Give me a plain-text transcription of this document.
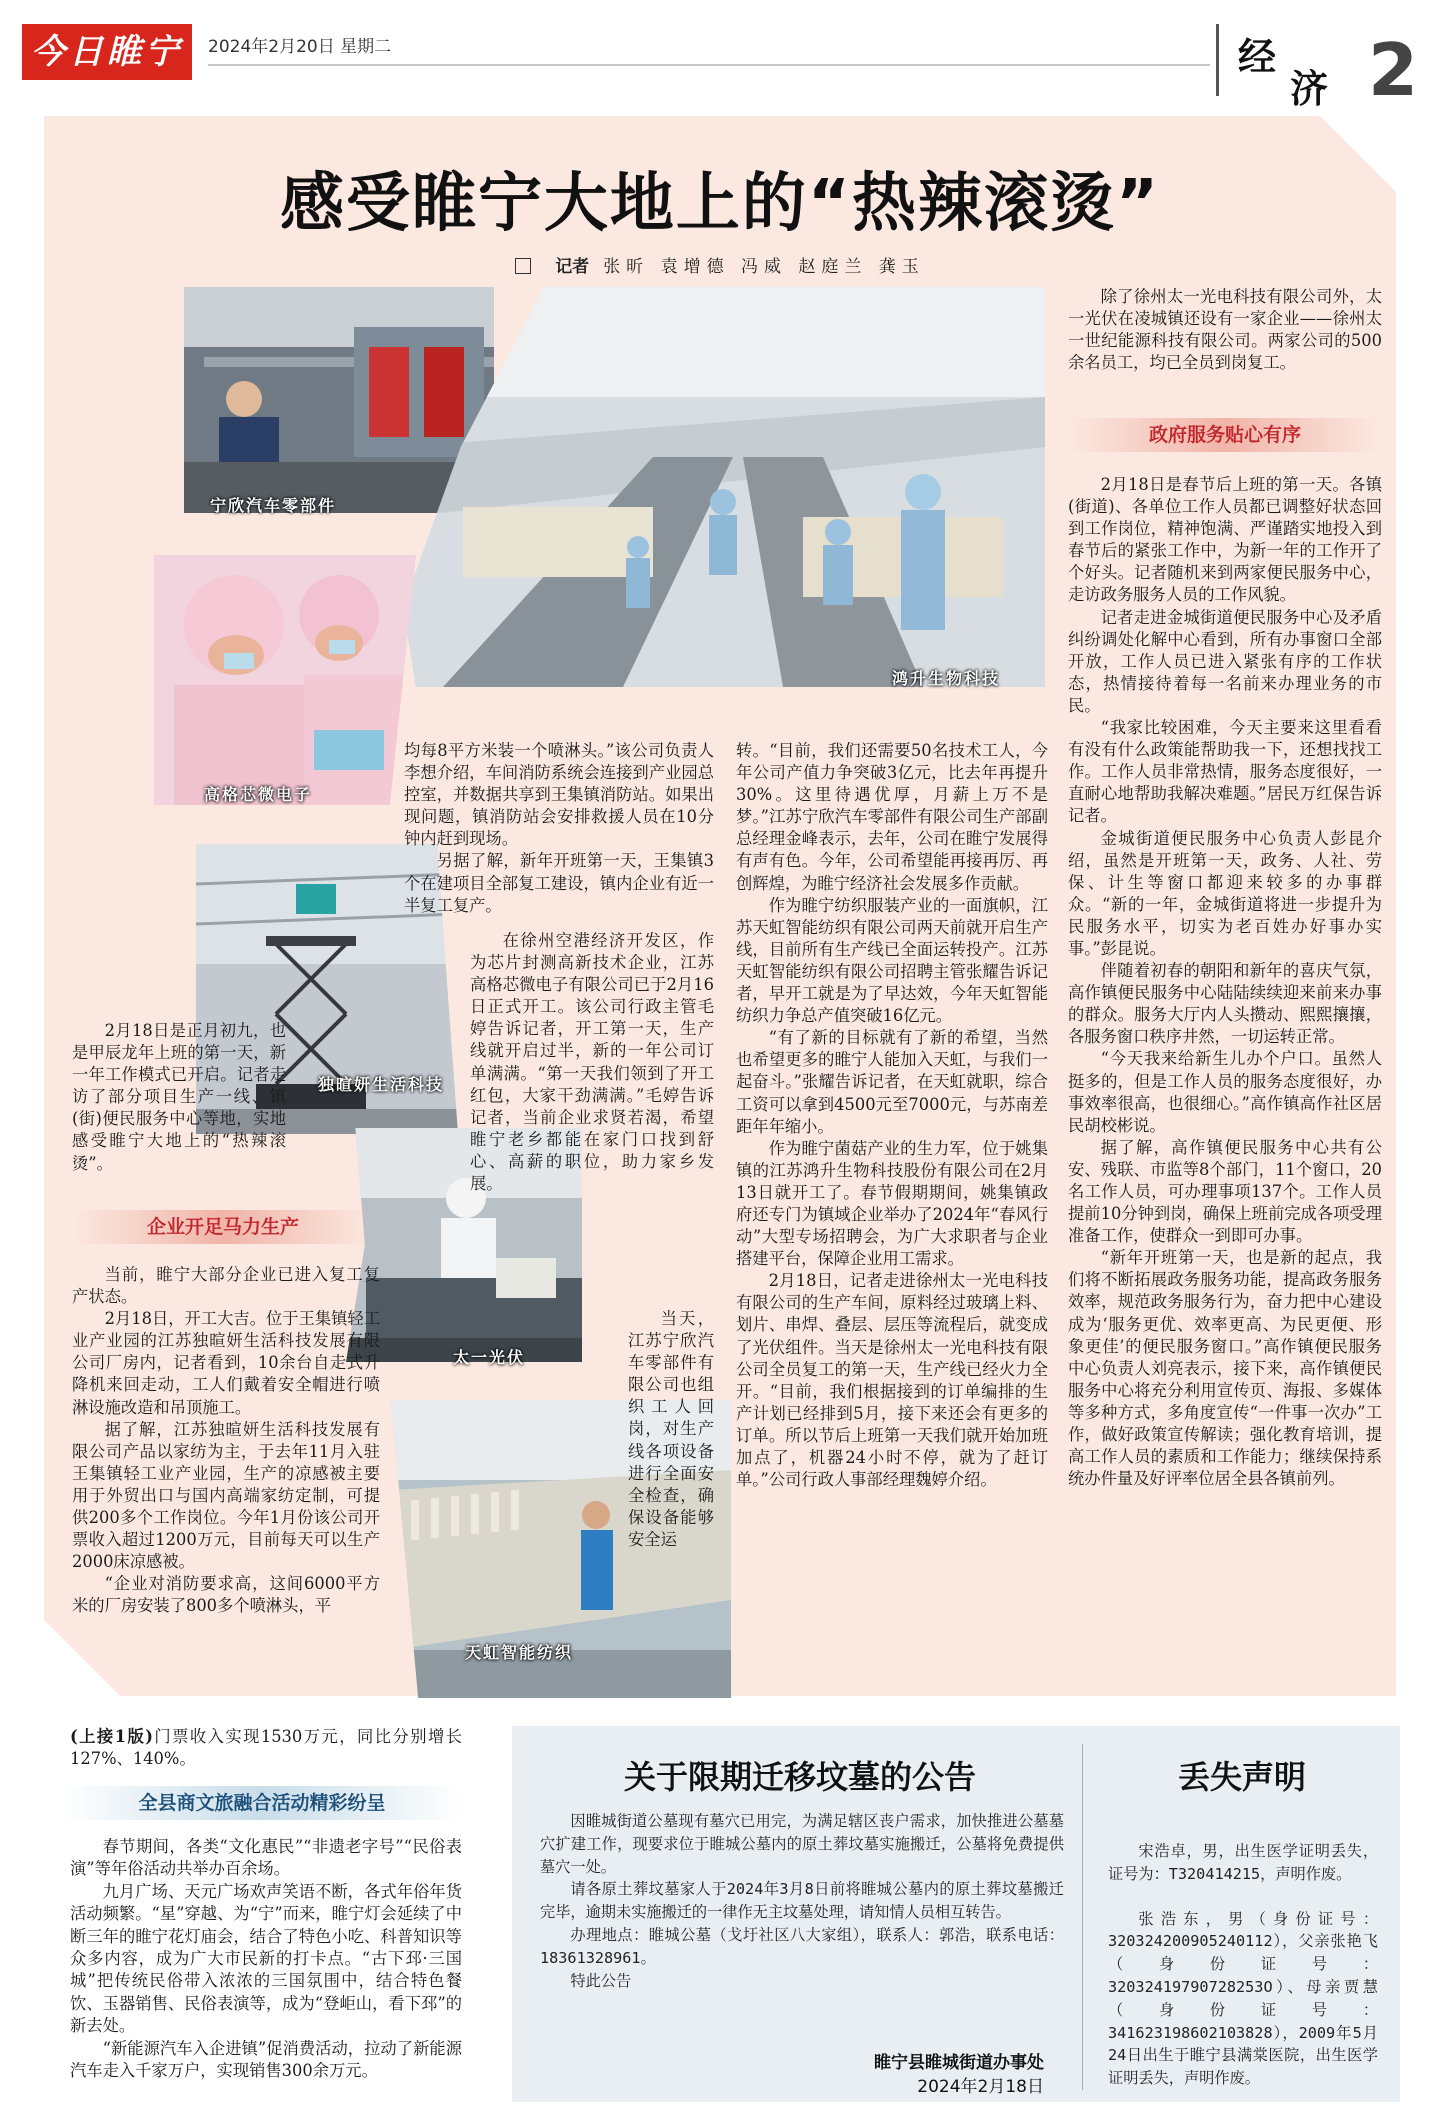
今日睢宁	2024年2月20日 星期二	经
济 2
感受睢宁大地上的“热辣滚烫”
记者 张昕 袁增德 冯威 赵庭兰 龚玉
宁欣汽车零部件
鸿升生物科技
高格芯微电子
独暄妍生活科技
太一光伏
天虹智能纺织

2月18日是正月初九，也是甲辰龙年上班的第一天，新一年工作模式已开启。记者走访了部分项目生产一线、镇(街)便民服务中心等地，实地感受睢宁大地上的“热辣滚烫”。

企业开足马力生产

当前，睢宁大部分企业已进入复工复产状态。

2月18日，开工大吉。位于王集镇轻工业产业园的江苏独暄妍生活科技发展有限公司厂房内，记者看到，10余台自走式升降机来回走动，工人们戴着安全帽进行喷淋设施改造和吊顶施工。

据了解，江苏独暄妍生活科技发展有限公司产品以家纺为主，于去年11月入驻王集镇轻工业产业园，生产的凉感被主要用于外贸出口与国内高端家纺定制，可提供200多个工作岗位。今年1月份该公司开票收入超过1200万元，目前每天可以生产2000床凉感被。

“企业对消防要求高，这间6000平方米的厂房安装了800多个喷淋头，平

均每8平方米装一个喷淋头。”该公司负责人李想介绍，车间消防系统会连接到产业园总控室，并数据共享到王集镇消防站。如果出现问题，镇消防站会安排救援人员在10分钟内赶到现场。

另据了解，新年开班第一天，王集镇3个在建项目全部复工建设，镇内企业有近一半复工复产。

在徐州空港经济开发区，作为芯片封测高新技术企业，江苏高格芯微电子有限公司已于2月16日正式开工。该公司行政主管毛婷告诉记者，开工第一天，生产线就开启过半，新的一年公司订单满满。“第一天我们领到了开工红包，大家干劲满满。”毛婷告诉记者，当前企业求贤若渴，希望睢宁老乡都能在家门口找到舒心、高薪的职位，助力家乡发展。

当天，江苏宁欣汽车零部件有限公司也组织工人回岗，对生产线各项设备进行全面安全检查，确保设备能够安全运

转。“目前，我们还需要50名技术工人，今年公司产值力争突破3亿元，比去年再提升30%。这里待遇优厚，月薪上万不是梦。”江苏宁欣汽车零部件有限公司生产部副总经理金峰表示，去年，公司在睢宁发展得有声有色。今年，公司希望能再接再厉、再创辉煌，为睢宁经济社会发展多作贡献。

作为睢宁纺织服装产业的一面旗帜，江苏天虹智能纺织有限公司两天前就开启生产线，目前所有生产线已全面运转投产。江苏天虹智能纺织有限公司招聘主管张耀告诉记者，早开工就是为了早达效，今年天虹智能纺织力争总产值突破16亿元。

“有了新的目标就有了新的希望，当然也希望更多的睢宁人能加入天虹，与我们一起奋斗。”张耀告诉记者，在天虹就职，综合工资可以拿到4500元至7000元，与苏南差距年年缩小。

作为睢宁菌菇产业的生力军，位于姚集镇的江苏鸿升生物科技股份有限公司在2月13日就开工了。春节假期期间，姚集镇政府还专门为镇域企业举办了2024年“春风行动”大型专场招聘会，为广大求职者与企业搭建平台，保障企业用工需求。

2月18日，记者走进徐州太一光电科技有限公司的生产车间，原料经过玻璃上料、划片、串焊、叠层、层压等流程后，就变成了光伏组件。当天是徐州太一光电科技有限公司全员复工的第一天，生产线已经火力全开。“目前，我们根据接到的订单编排的生产计划已经排到5月，接下来还会有更多的订单。所以节后上班第一天我们就开始加班加点了，机器24小时不停，就为了赶订单。”公司行政人事部经理魏婷介绍。

除了徐州太一光电科技有限公司外，太一光伏在凌城镇还设有一家企业——徐州太一世纪能源科技有限公司。两家公司的500余名员工，均已全员到岗复工。

政府服务贴心有序

2月18日是春节后上班的第一天。各镇(街道)、各单位工作人员都已调整好状态回到工作岗位，精神饱满、严谨踏实地投入到春节后的紧张工作中，为新一年的工作开了个好头。记者随机来到两家便民服务中心，走访政务服务人员的工作风貌。

记者走进金城街道便民服务中心及矛盾纠纷调处化解中心看到，所有办事窗口全部开放，工作人员已进入紧张有序的工作状态，热情接待着每一名前来办理业务的市民。

“我家比较困难，今天主要来这里看看有没有什么政策能帮助我一下，还想找找工作。工作人员非常热情，服务态度很好，一直耐心地帮助我解决难题。”居民万红保告诉记者。

金城街道便民服务中心负责人彭昆介绍，虽然是开班第一天，政务、人社、劳保、计生等窗口都迎来较多的办事群众。“新的一年，金城街道将进一步提升为民服务水平，切实为老百姓办好事办实事。”彭昆说。

伴随着初春的朝阳和新年的喜庆气氛，高作镇便民服务中心陆陆续续迎来前来办事的群众。服务大厅内人头攒动、熙熙攘攘，各服务窗口秩序井然，一切运转正常。

“今天我来给新生儿办个户口。虽然人挺多的，但是工作人员的服务态度很好，办事效率很高，也很细心。”高作镇高作社区居民胡校彬说。

据了解，高作镇便民服务中心共有公安、残联、市监等8个部门，11个窗口，20名工作人员，可办理事项137个。工作人员提前10分钟到岗，确保上班前完成各项受理准备工作，使群众一到即可办事。

“新年开班第一天，也是新的起点，我们将不断拓展政务服务功能，提高政务服务效率，规范政务服务行为，奋力把中心建设成为‘服务更优、效率更高、为民更便、形象更佳’的便民服务窗口。”高作镇便民服务中心负责人刘亮表示，接下来，高作镇便民服务中心将充分利用宣传页、海报、多媒体等多种方式，多角度宣传“一件事一次办”工作，做好政策宣传解读；强化教育培训，提高工作人员的素质和工作能力；继续保持系统办件量及好评率位居全县各镇前列。

(上接1版)门票收入实现1530万元，同比分别增长127%、140%。

全县商文旅融合活动精彩纷呈

春节期间，各类“文化惠民”“非遗老字号”“民俗表演”等年俗活动共举办百余场。

九月广场、天元广场欢声笑语不断，各式年俗年货活动频繁。“星”穿越、为“宁”而来，睢宁灯会延续了中断三年的睢宁花灯庙会，结合了特色小吃、科普知识等众多内容，成为广大市民新的打卡点。“古下邳·三国城”把传统民俗带入浓浓的三国氛围中，结合特色餐饮、玉器销售、民俗表演等，成为“登岠山，看下邳”的新去处。

“新能源汽车入企进镇”促消费活动，拉动了新能源汽车走入千家万户，实现销售300余万元。

关于限期迁移坟墓的公告

因睢城街道公墓现有墓穴已用完，为满足辖区丧户需求，加快推进公墓墓穴扩建工作，现要求位于睢城公墓内的原土葬坟墓实施搬迁，公墓将免费提供墓穴一处。

请各原土葬坟墓家人于2024年3月8日前将睢城公墓内的原土葬坟墓搬迁完毕，逾期未实施搬迁的一律作无主坟墓处理，请知情人员相互转告。

办理地点：睢城公墓（戈圩社区八大家组），联系人：郭浩，联系电话：18361328961。

特此公告

睢宁县睢城街道办事处
2024年2月18日
丢失声明

宋浩卓，男，出生医学证明丢失，证号为：T320414215，声明作废。

张浩东，男（身份证号：320324200905240112），父亲张艳飞（身份证号：32032419790728253O）、母亲贾慧（身份证号：341623198602103828），2009年5月24日出生于睢宁县满棠医院，出生医学证明丢失，声明作废。
